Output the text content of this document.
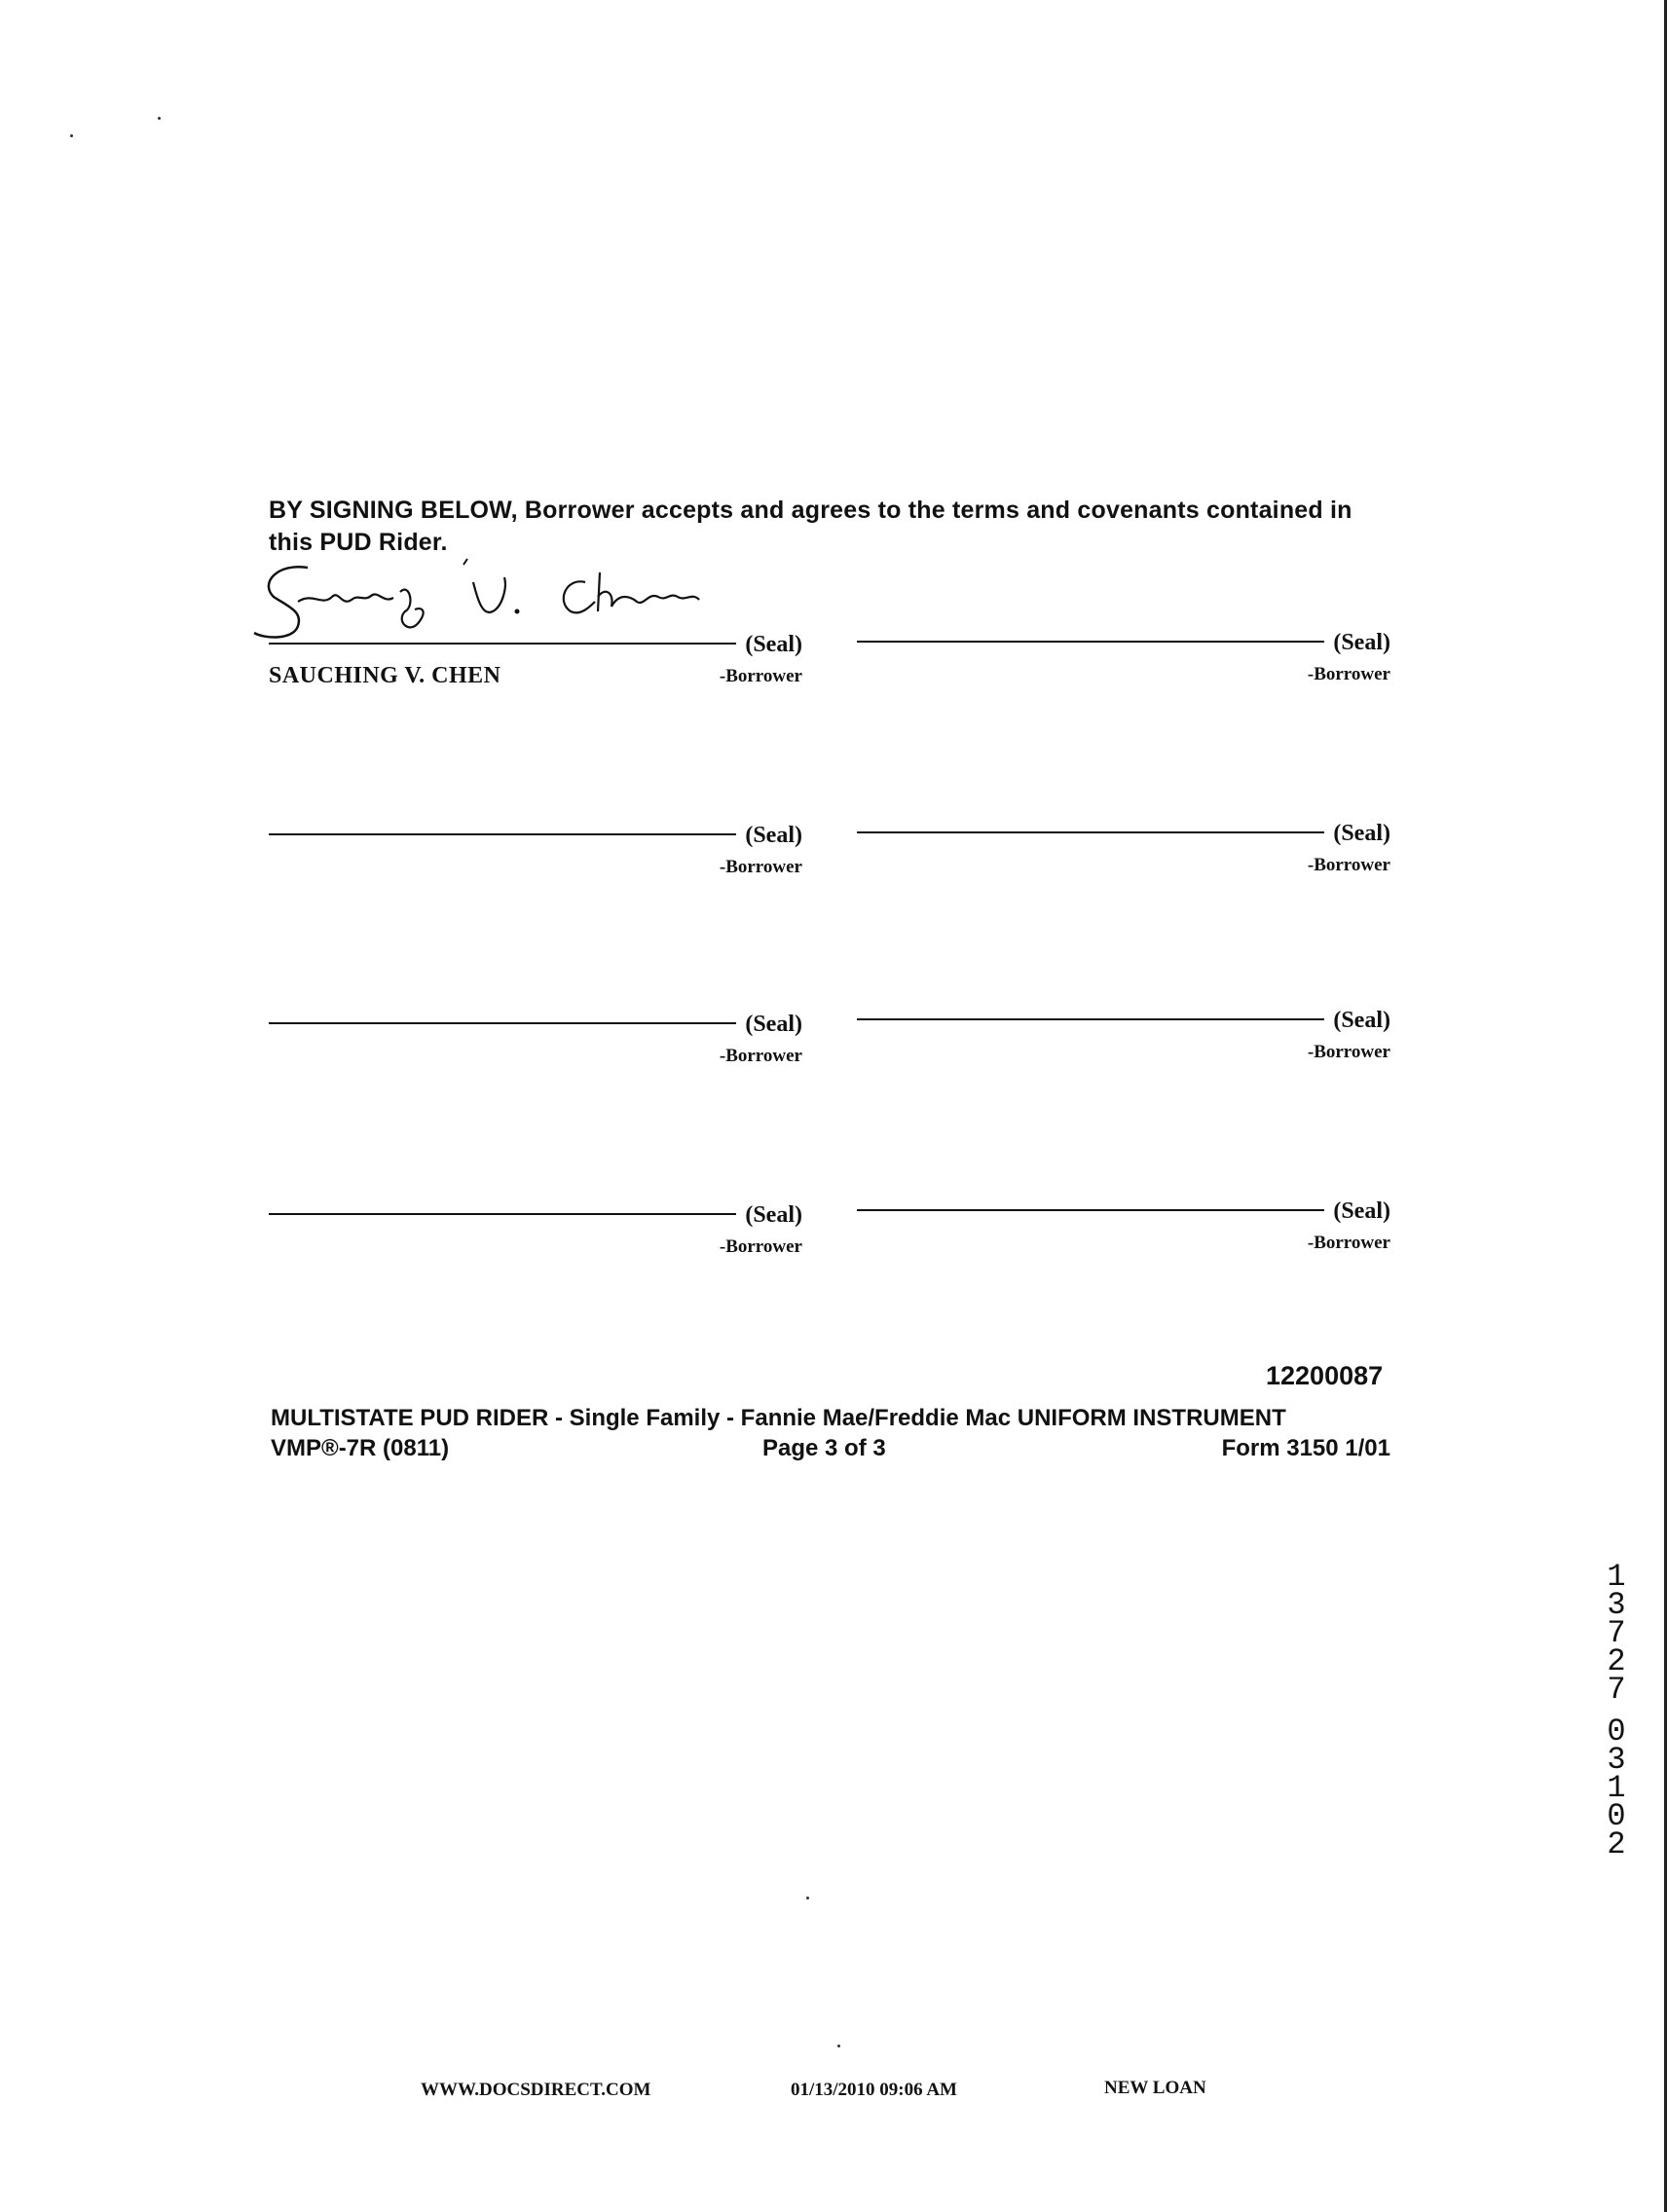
BY SIGNING BELOW, Borrower accepts and agrees to the terms and covenants contained in this PUD Rider.
(Seal)
SAUCHING V. CHEN	-Borrower
(Seal)
-Borrower
(Seal)
-Borrower
(Seal)
-Borrower
(Seal)
-Borrower
(Seal)
-Borrower
(Seal)
-Borrower
(Seal)
-Borrower
12200087
MULTISTATE PUD RIDER - Single Family - Fannie Mae/Freddie Mac UNIFORM INSTRUMENT
VMP®-7R (0811)	Page 3 of 3	Form 3150 1/01
1
3
7
2
7
0
3
1
0
2
WWW.DOCSDIRECT.COM	01/13/2010 09:06 AM	NEW LOAN
